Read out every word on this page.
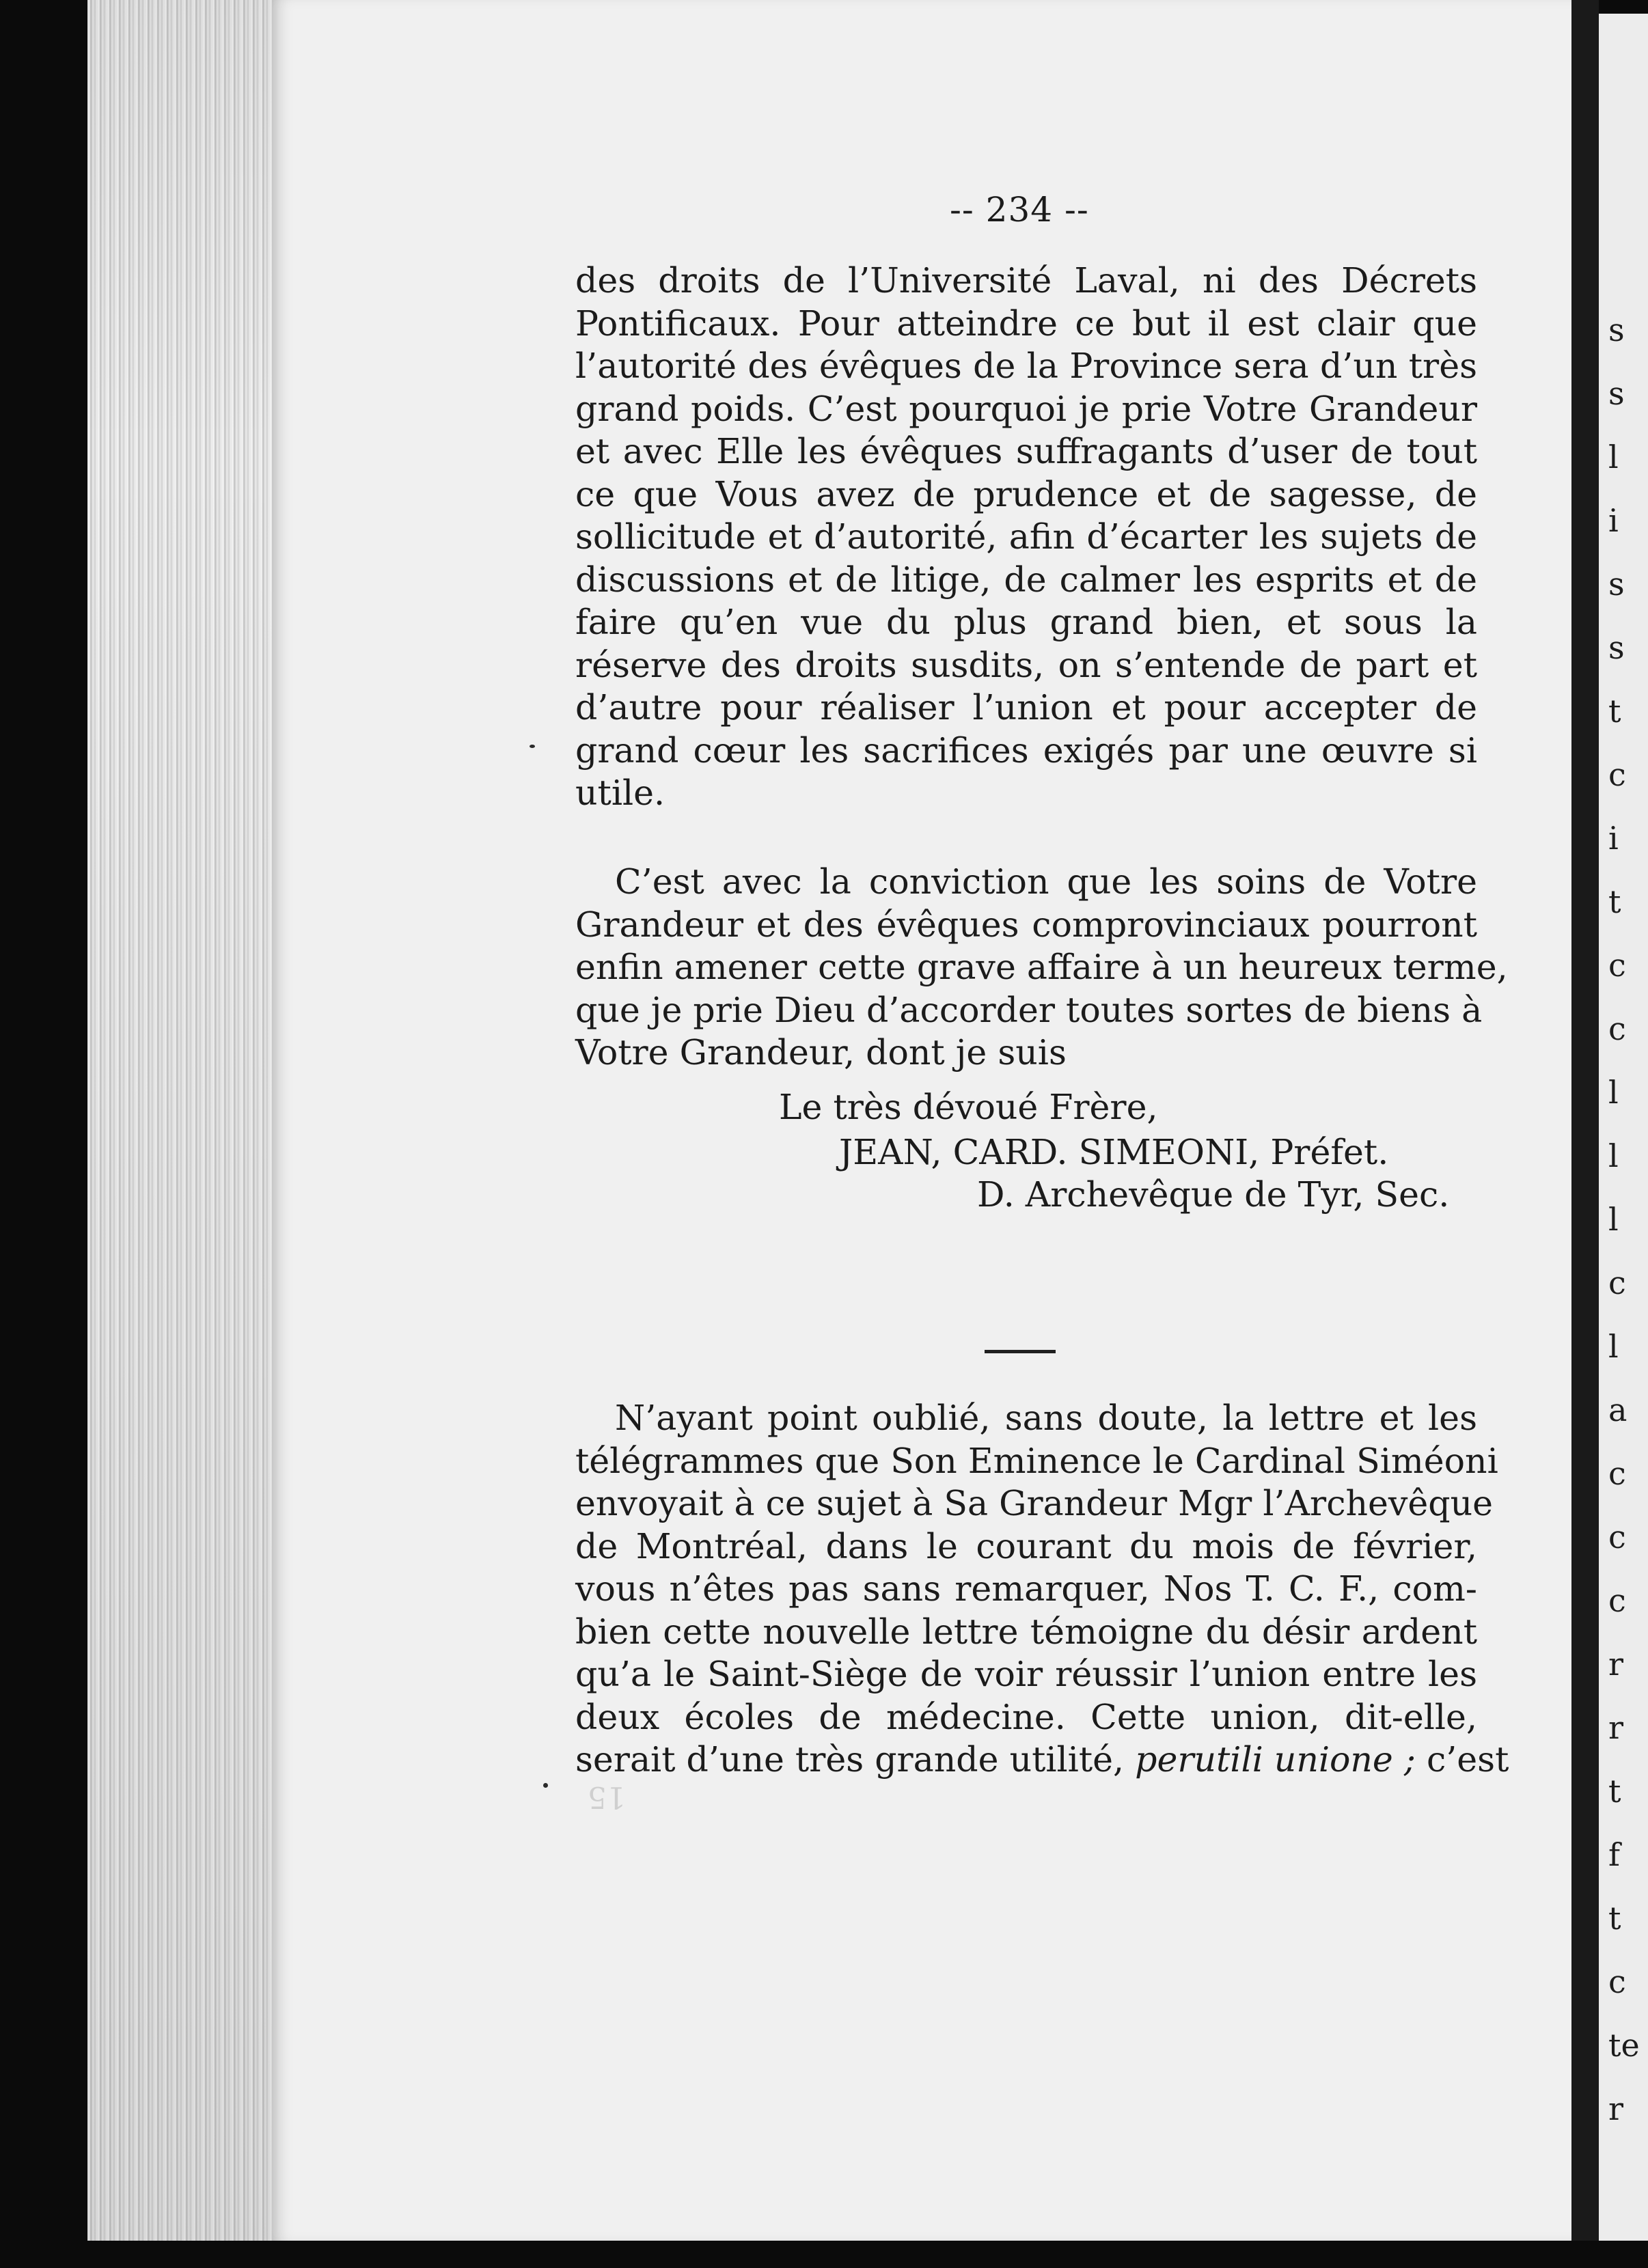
s
s
l
i
s
s
t
c
i
t
c
c
l
l
l
c
l
a
c
c
c
r
r
t
f
t
c
te
r
15
-- 234 --
des droits de l’Université Laval, ni des Décrets
Pontificaux. Pour atteindre ce but il est clair que
l’autorité des évêques de la Province sera d’un très
grand poids. C’est pourquoi je prie Votre Grandeur
et avec Elle les évêques suffragants d’user de tout
ce que Vous avez de prudence et de sagesse, de
sollicitude et d’autorité, afin d’écarter les sujets de
discussions et de litige, de calmer les esprits et de
faire qu’en vue du plus grand bien, et sous la
réserve des droits susdits, on s’entende de part et
d’autre pour réaliser l’union et pour accepter de
grand cœur les sacrifices exigés par une œuvre si
utile.
C’est avec la conviction que les soins de Votre
Grandeur et des évêques comprovinciaux pourront
enfin amener cette grave affaire à un heureux terme,
que je prie Dieu d’accorder toutes sortes de biens à
Votre Grandeur, dont je suis
Le très dévoué Frère,
JEAN, CARD. SIMEONI, Préfet.
D. Archevêque de Tyr, Sec.
N’ayant point oublié, sans doute, la lettre et les
télégrammes que Son Eminence le Cardinal Siméoni
envoyait à ce sujet à Sa Grandeur Mgr l’Archevêque
de Montréal, dans le courant du mois de février,
vous n’êtes pas sans remarquer, Nos T. C. F., com-
bien cette nouvelle lettre témoigne du désir ardent
qu’a le Saint-Siège de voir réussir l’union entre les
deux écoles de médecine. Cette union, dit-elle,
serait d’une très grande utilité, perutili unione ; c’est
